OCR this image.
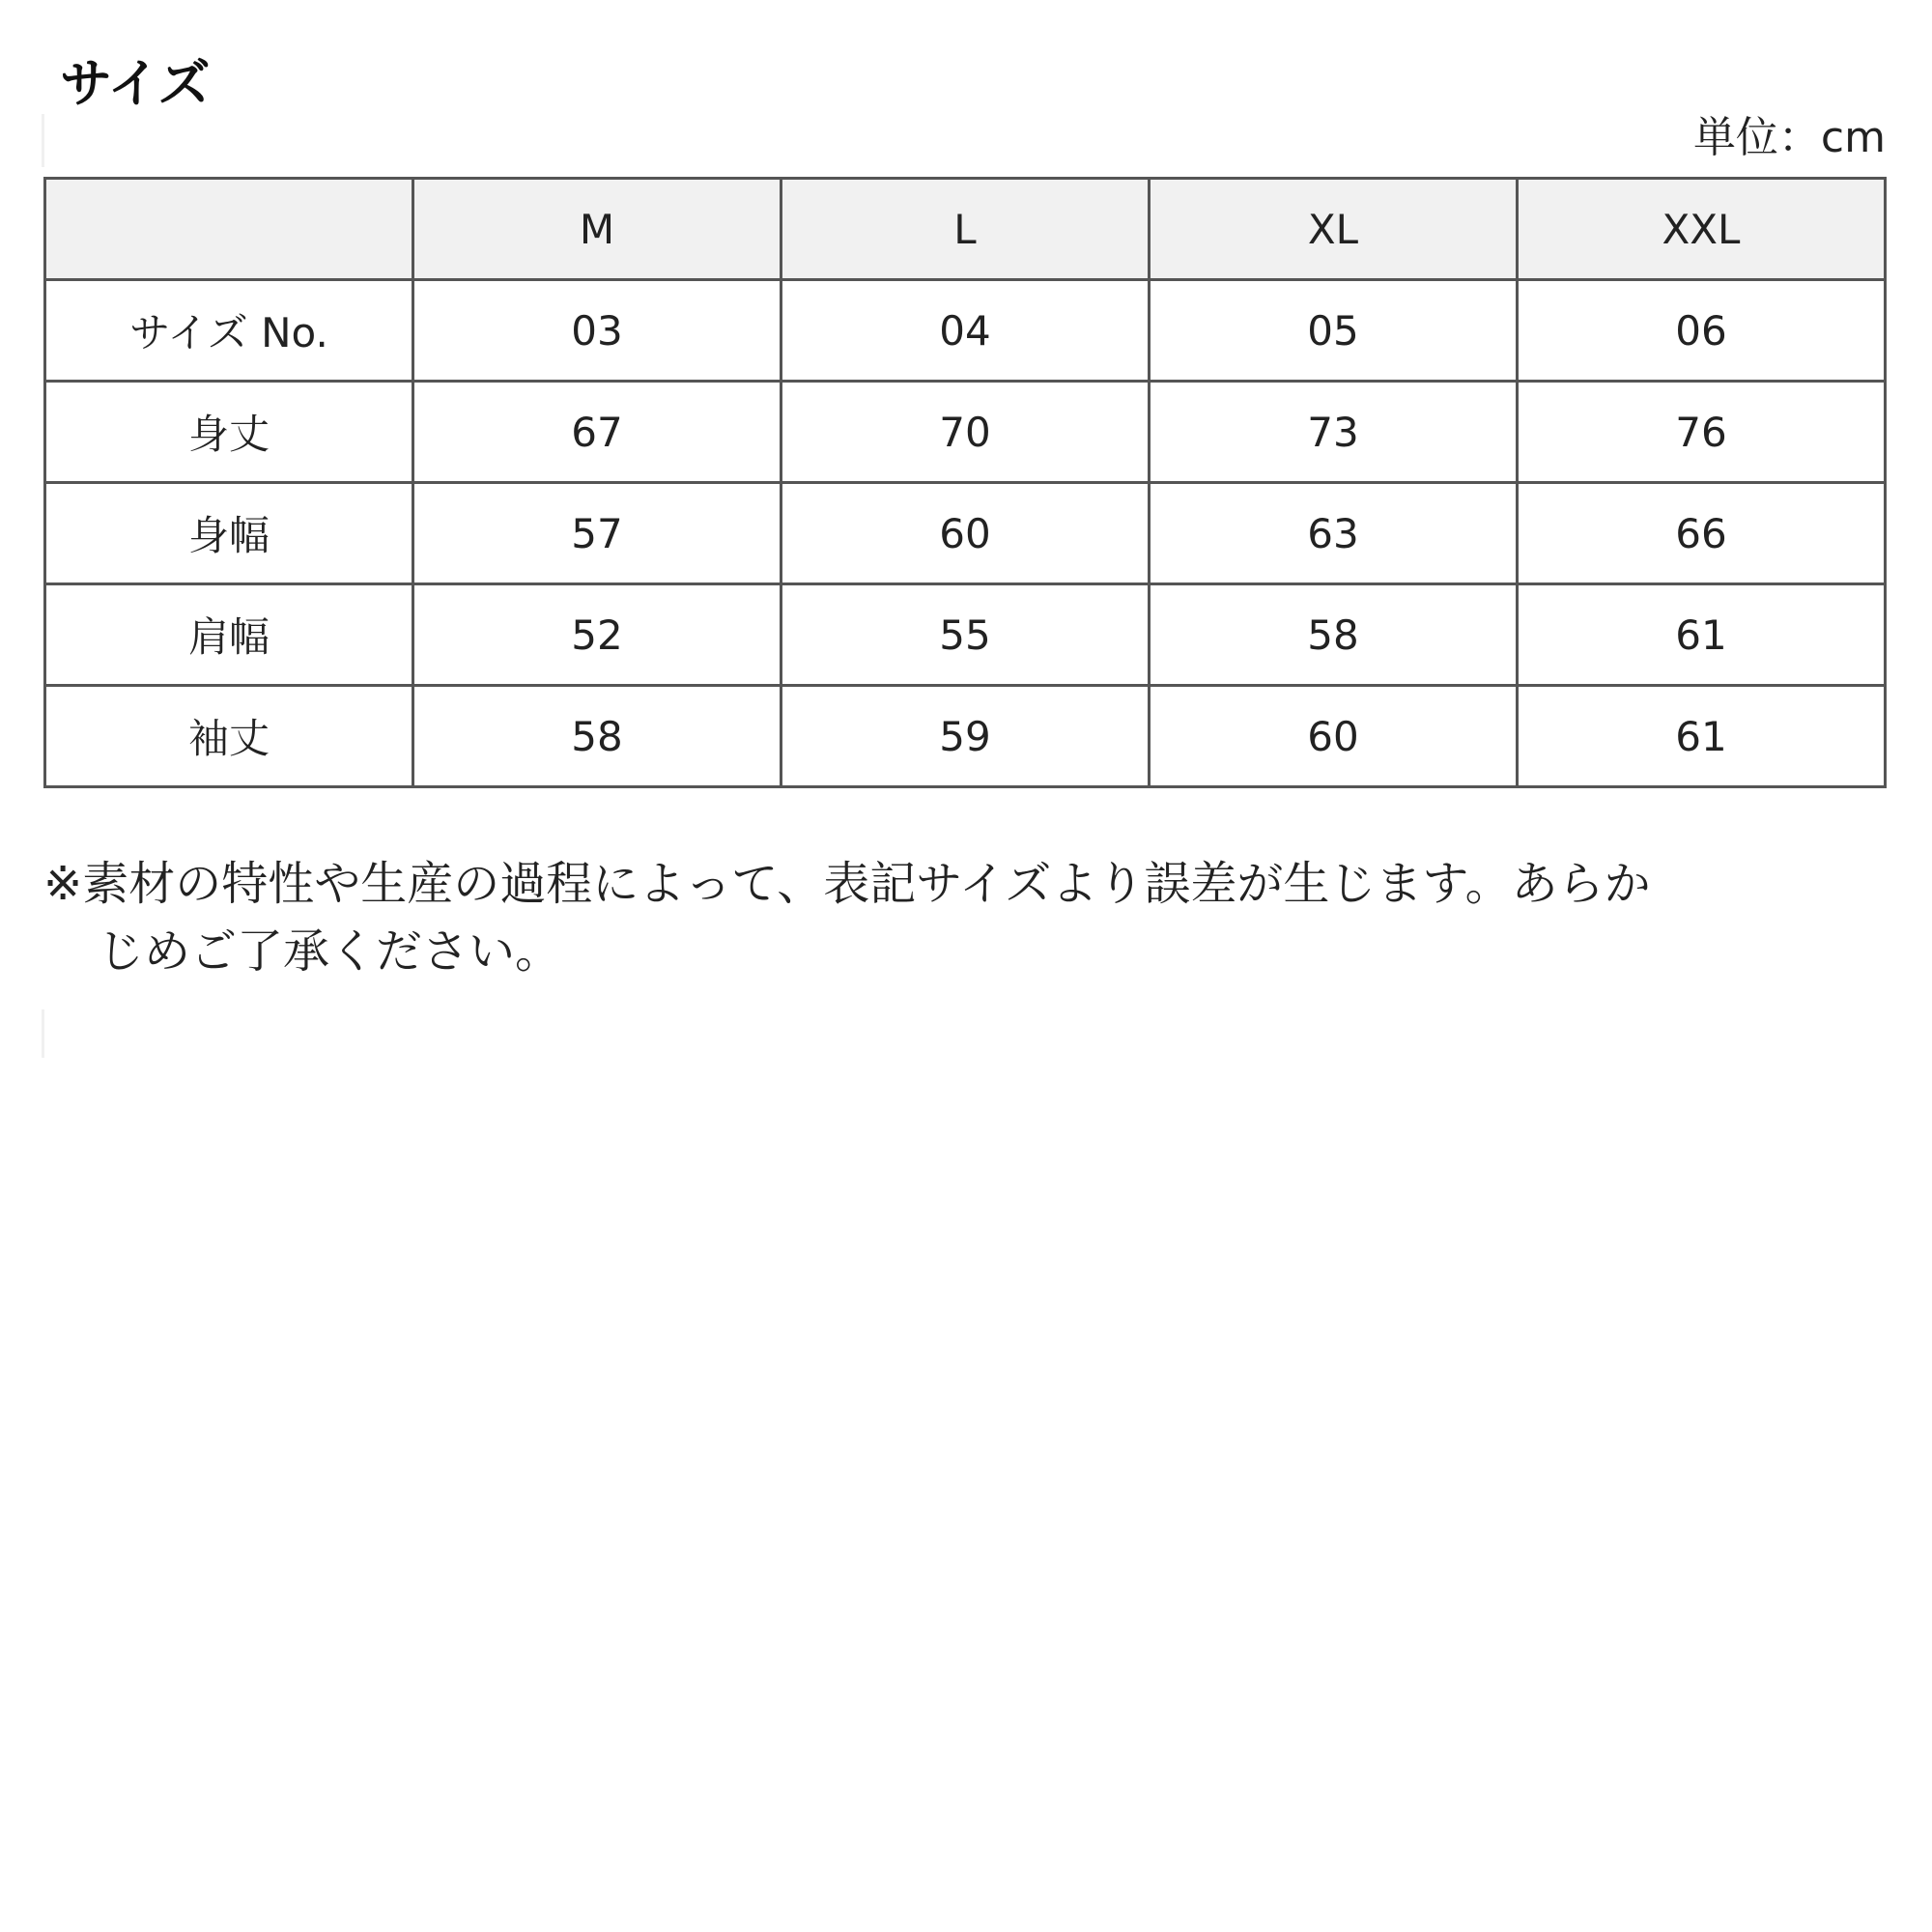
サイズ
単位：cm
	M	L	XL	XXL
サイズ No.	03	04	05	06
身丈	67	70	73	76
身幅	57	60	63	66
肩幅	52	55	58	61
袖丈	58	59	60	61
※素材の特性や生産の過程によって、表記サイズより誤差が生じます。あらか
じめご了承ください。
